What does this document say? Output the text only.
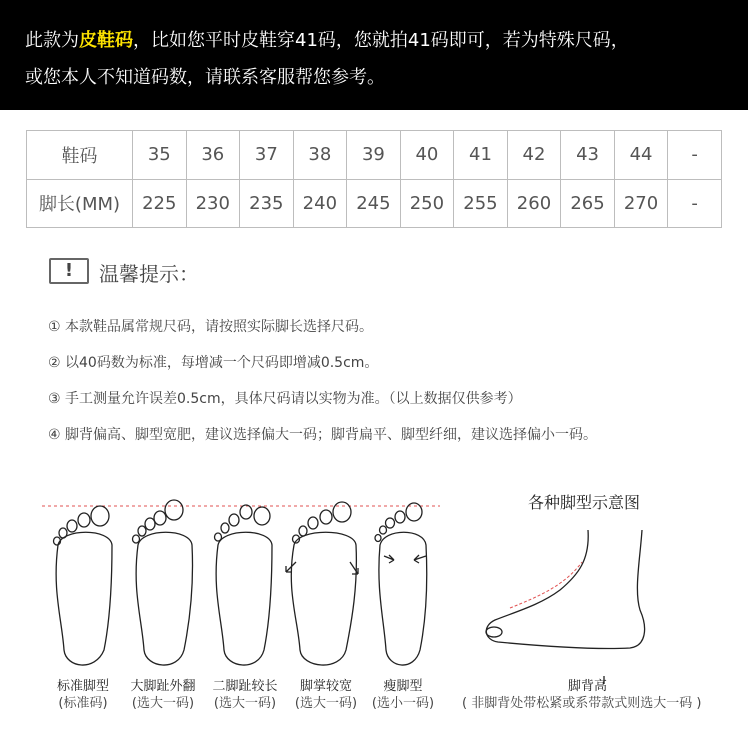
此款为皮鞋码，比如您平时皮鞋穿41码，您就拍41码即可，若为特殊尺码，
或您本人不知道码数，请联系客服帮您参考。
鞋码	35	36	37	38	39	40	41	42	43	44	-
脚长(MM)	225	230	235	240	245	250	255	260	265	270	-
!	温馨提示：
① 本款鞋品属常规尺码，请按照实际脚长选择尺码。
② 以40码数为标准，每增减一个尺码即增减0.5cm。
③ 手工测量允许误差0.5cm，具体尺码请以实物为准。（以上数据仅供参考）
④ 脚背偏高、脚型宽肥，建议选择偏大一码；脚背扁平、脚型纤细，建议选择偏小一码。
标准脚型
(标准码)
大脚趾外翻
(选大一码)
二脚趾较长
(选大一码)
脚掌较宽
(选大一码)
瘦脚型
(选小一码)
各种脚型示意图
脚背高
( 非脚背处带松紧或系带款式则选大一码 )
